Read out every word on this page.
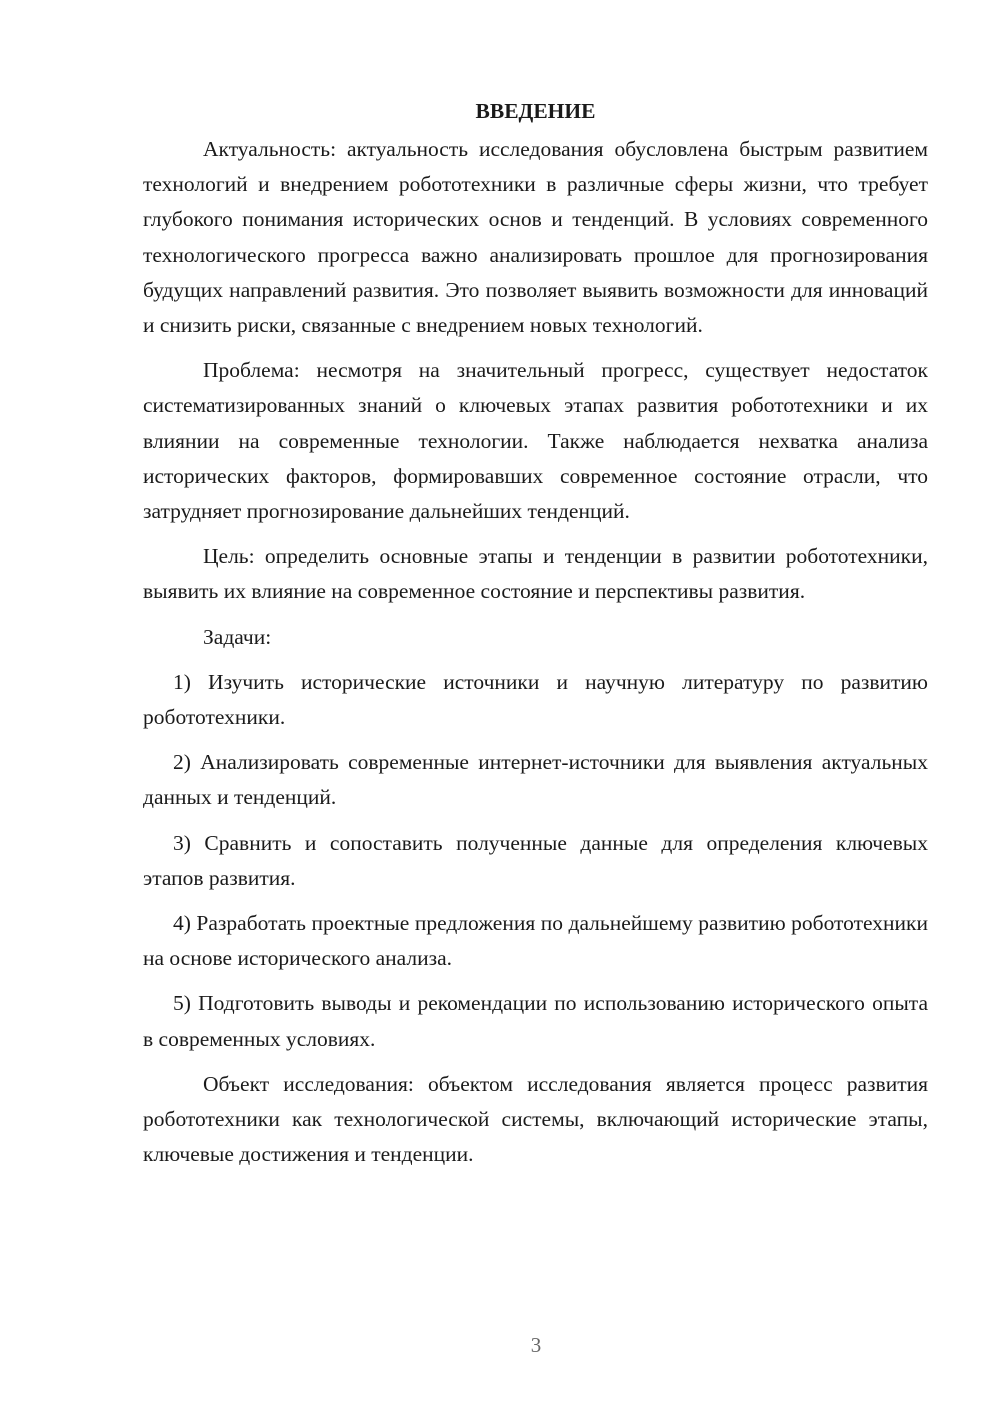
ВВЕДЕНИЕ

Актуальность: актуальность исследования обусловлена быстрым развитием технологий и внедрением робототехники в различные сферы жизни, что требует глубокого понимания исторических основ и тенденций. В условиях современного технологического прогресса важно анализировать прошлое для прогнозирования будущих направлений развития. Это позволяет выявить возможности для инноваций и снизить риски, связанные с внедрением новых технологий.

Проблема: несмотря на значительный прогресс, существует недостаток систематизированных знаний о ключевых этапах развития робототехники и их влиянии на современные технологии. Также наблюдается нехватка анализа исторических факторов, формировавших современное состояние отрасли, что затрудняет прогнозирование дальнейших тенденций.

Цель: определить основные этапы и тенденции в развитии робототехники, выявить их влияние на современное состояние и перспективы развития.

Задачи:

1) Изучить исторические источники и научную литературу по развитию робототехники.

2) Анализировать современные интернет-источники для выявления актуальных данных и тенденций.

3) Сравнить и сопоставить полученные данные для определения ключевых этапов развития.

4) Разработать проектные предложения по дальнейшему развитию робототехники на основе исторического анализа.

5) Подготовить выводы и рекомендации по использованию исторического опыта в современных условиях.

Объект исследования: объектом исследования является процесс развития робототехники как технологической системы, включающий исторические этапы, ключевые достижения и тенденции.

3
